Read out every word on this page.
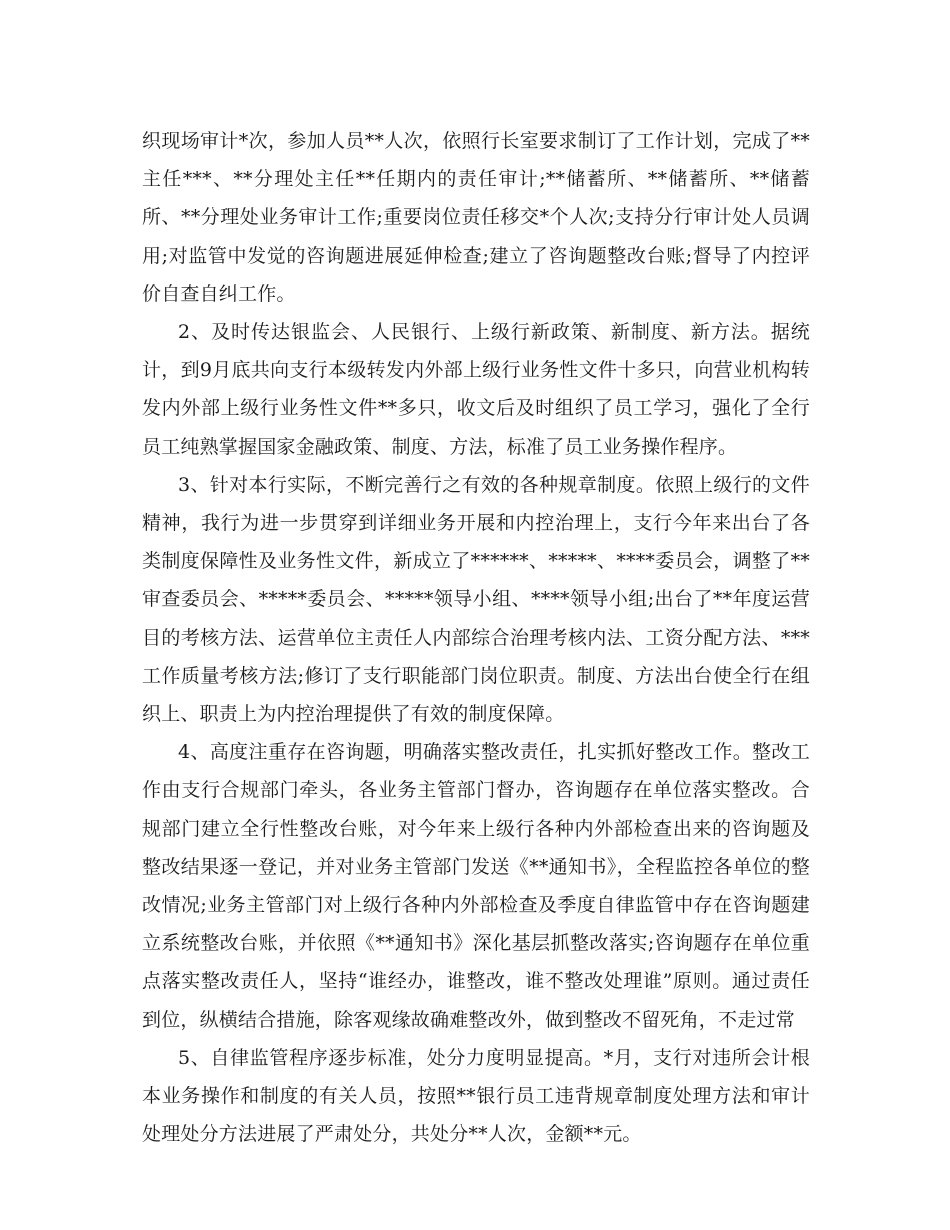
织现场审计*次，参加人员**人次，依照行长室要求制订了工作计划，完成了**主任***、**分理处主任**任期内的责任审计;**储蓄所、**储蓄所、**储蓄所、**分理处业务审计工作;重要岗位责任移交*个人次;支持分行审计处人员调用;对监管中发觉的咨询题进展延伸检查;建立了咨询题整改台账;督导了内控评价自查自纠工作。

2、及时传达银监会、人民银行、上级行新政策、新制度、新方法。据统计，到9月底共向支行本级转发内外部上级行业务性文件十多只，向营业机构转发内外部上级行业务性文件**多只，收文后及时组织了员工学习，强化了全行员工纯熟掌握国家金融政策、制度、方法，标准了员工业务操作程序。

3、针对本行实际，不断完善行之有效的各种规章制度。依照上级行的文件精神，我行为进一步贯穿到详细业务开展和内控治理上，支行今年来出台了各类制度保障性及业务性文件，新成立了******、*****、****委员会，调整了**审查委员会、*****委员会、*****领导小组、****领导小组;出台了**年度运营目的考核方法、运营单位主责任人内部综合治理考核内法、工资分配方法、***工作质量考核方法;修订了支行职能部门岗位职责。制度、方法出台使全行在组织上、职责上为内控治理提供了有效的制度保障。

4、高度注重存在咨询题，明确落实整改责任，扎实抓好整改工作。整改工作由支行合规部门牵头，各业务主管部门督办，咨询题存在单位落实整改。合规部门建立全行性整改台账，对今年来上级行各种内外部检查出来的咨询题及整改结果逐一登记，并对业务主管部门发送《**通知书》，全程监控各单位的整改情况;业务主管部门对上级行各种内外部检查及季度自律监管中存在咨询题建立系统整改台账，并依照《**通知书》深化基层抓整改落实;咨询题存在单位重点落实整改责任人，坚持“谁经办，谁整改，谁不整改处理谁”原则。通过责任到位，纵横结合措施，除客观缘故确难整改外，做到整改不留死角，不走过常

5、自律监管程序逐步标准，处分力度明显提高。*月，支行对违所会计根本业务操作和制度的有关人员，按照**银行员工违背规章制度处理方法和审计处理处分方法进展了严肃处分，共处分**人次，金额**元。
